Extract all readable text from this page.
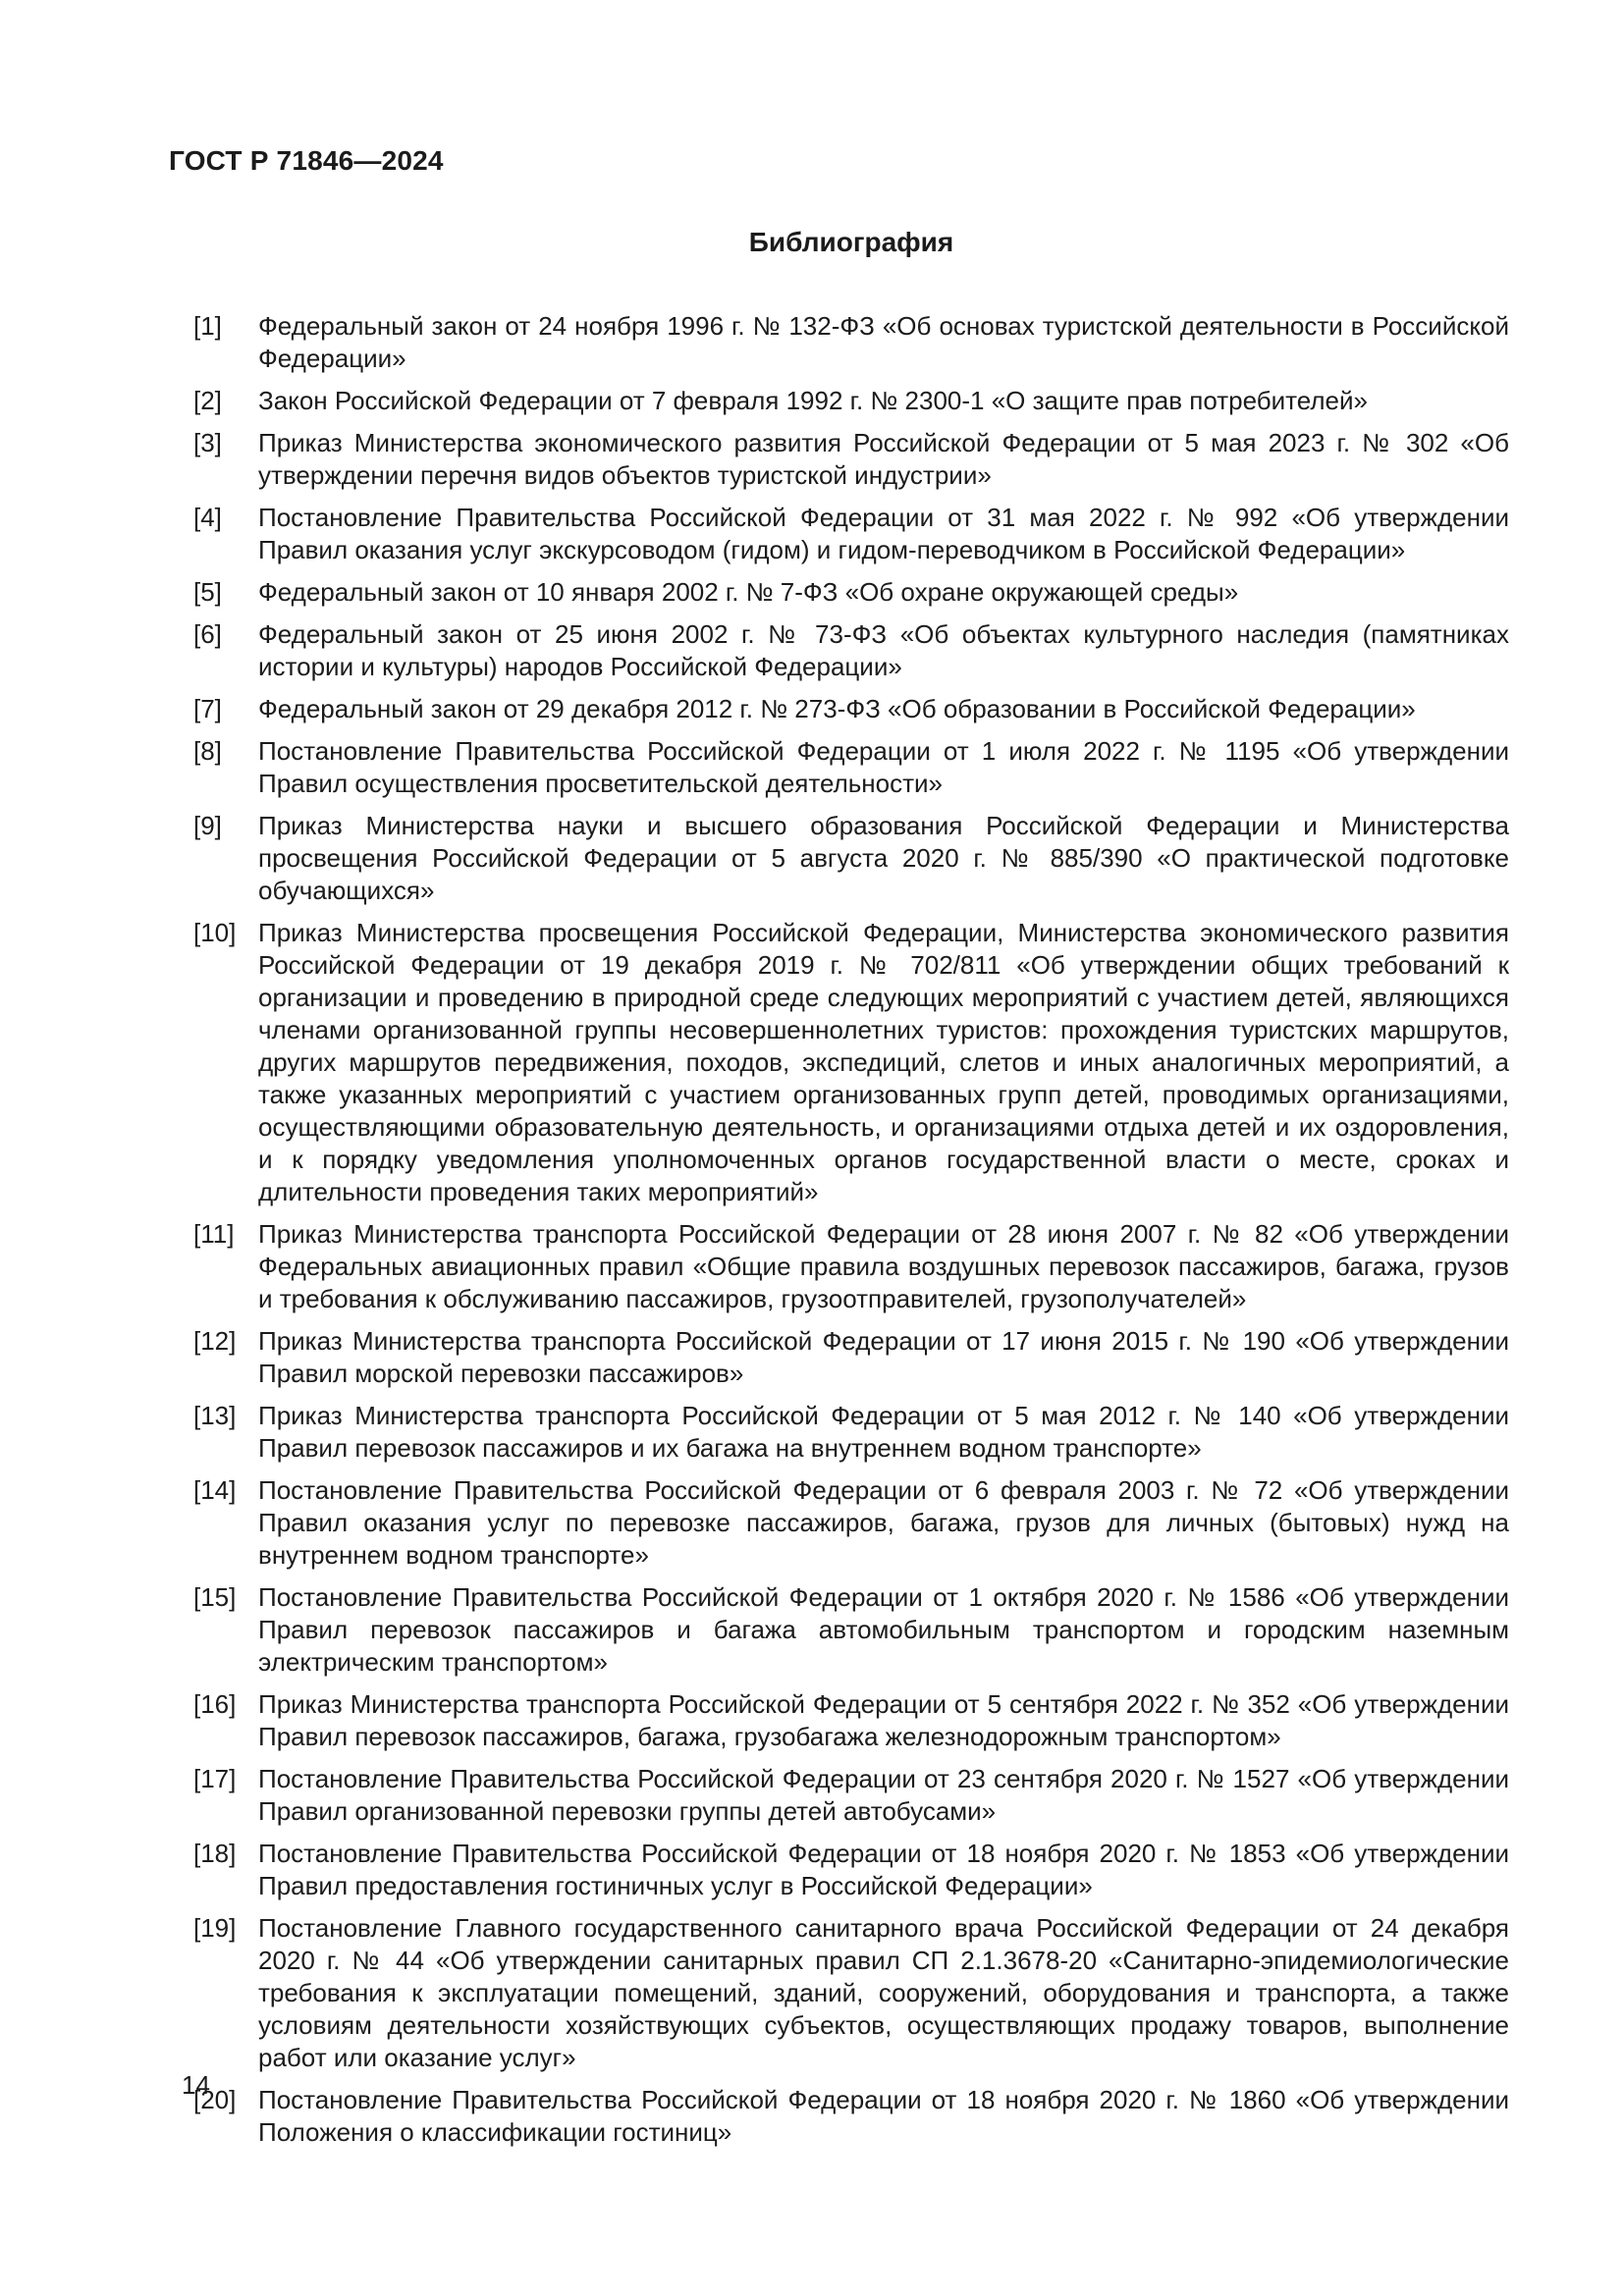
ГОСТ Р 71846—2024
Библиография
[1]	Федеральный закон от 24 ноября 1996 г. № 132-ФЗ «Об основах туристской деятельности в Российской Федерации»
[2]	Закон Российской Федерации от 7 февраля 1992 г. № 2300-1 «О защите прав потребителей»
[3]	Приказ Министерства экономического развития Российской Федерации от 5 мая 2023 г. № 302 «Об утверждении перечня видов объектов туристской индустрии»
[4]	Постановление Правительства Российской Федерации от 31 мая 2022 г. № 992 «Об утверждении Правил оказания услуг экскурсоводом (гидом) и гидом-переводчиком в Российской Федерации»
[5]	Федеральный закон от 10 января 2002 г. № 7-ФЗ «Об охране окружающей среды»
[6]	Федеральный закон от 25 июня 2002 г. № 73-ФЗ «Об объектах культурного наследия (памятниках истории и культуры) народов Российской Федерации»
[7]	Федеральный закон от 29 декабря 2012 г. № 273-ФЗ «Об образовании в Российской Федерации»
[8]	Постановление Правительства Российской Федерации от 1 июля 2022 г. № 1195 «Об утверждении Правил осуществления просветительской деятельности»
[9]	Приказ Министерства науки и высшего образования Российской Федерации и Министерства просвещения Российской Федерации от 5 августа 2020 г. № 885/390 «О практической подготовке обучающихся»
[10] Приказ Министерства просвещения Российской Федерации, Министерства экономического развития Российской Федерации от 19 декабря 2019 г. № 702/811 «Об утверждении общих требований к организации и проведению в природной среде следующих мероприятий с участием детей, являющихся членами организованной группы несовершеннолетних туристов: прохождения туристских маршрутов, других маршрутов передвижения, походов, экспедиций, слетов и иных аналогичных мероприятий, а также указанных мероприятий с участием организованных групп детей, проводимых организациями, осуществляющими образовательную деятельность, и организациями отдыха детей и их оздоровления, и к порядку уведомления уполномоченных органов государственной власти о месте, сроках и длительности проведения таких мероприятий»
[11] Приказ Министерства транспорта Российской Федерации от 28 июня 2007 г. № 82 «Об утверждении Федеральных авиационных правил «Общие правила воздушных перевозок пассажиров, багажа, грузов и требования к обслуживанию пассажиров, грузоотправителей, грузополучателей»
[12] Приказ Министерства транспорта Российской Федерации от 17 июня 2015 г. № 190 «Об утверждении Правил морской перевозки пассажиров»
[13] Приказ Министерства транспорта Российской Федерации от 5 мая 2012 г. № 140 «Об утверждении Правил перевозок пассажиров и их багажа на внутреннем водном транспорте»
[14] Постановление Правительства Российской Федерации от 6 февраля 2003 г. № 72 «Об утверждении Правил оказания услуг по перевозке пассажиров, багажа, грузов для личных (бытовых) нужд на внутреннем водном транспорте»
[15] Постановление Правительства Российской Федерации от 1 октября 2020 г. № 1586 «Об утверждении Правил перевозок пассажиров и багажа автомобильным транспортом и городским наземным электрическим транспортом»
[16] Приказ Министерства транспорта Российской Федерации от 5 сентября 2022 г. № 352 «Об утверждении Правил перевозок пассажиров, багажа, грузобагажа железнодорожным транспортом»
[17] Постановление Правительства Российской Федерации от 23 сентября 2020 г. № 1527 «Об утверждении Правил организованной перевозки группы детей автобусами»
[18] Постановление Правительства Российской Федерации от 18 ноября 2020 г. № 1853 «Об утверждении Правил предоставления гостиничных услуг в Российской Федерации»
[19] Постановление Главного государственного санитарного врача Российской Федерации от 24 декабря 2020 г. № 44 «Об утверждении санитарных правил СП 2.1.3678-20 «Санитарно-эпидемиологические требования к эксплуатации помещений, зданий, сооружений, оборудования и транспорта, а также условиям деятельности хозяйствующих субъектов, осуществляющих продажу товаров, выполнение работ или оказание услуг»
[20] Постановление Правительства Российской Федерации от 18 ноября 2020 г. № 1860 «Об утверждении Положения о классификации гостиниц»
14
